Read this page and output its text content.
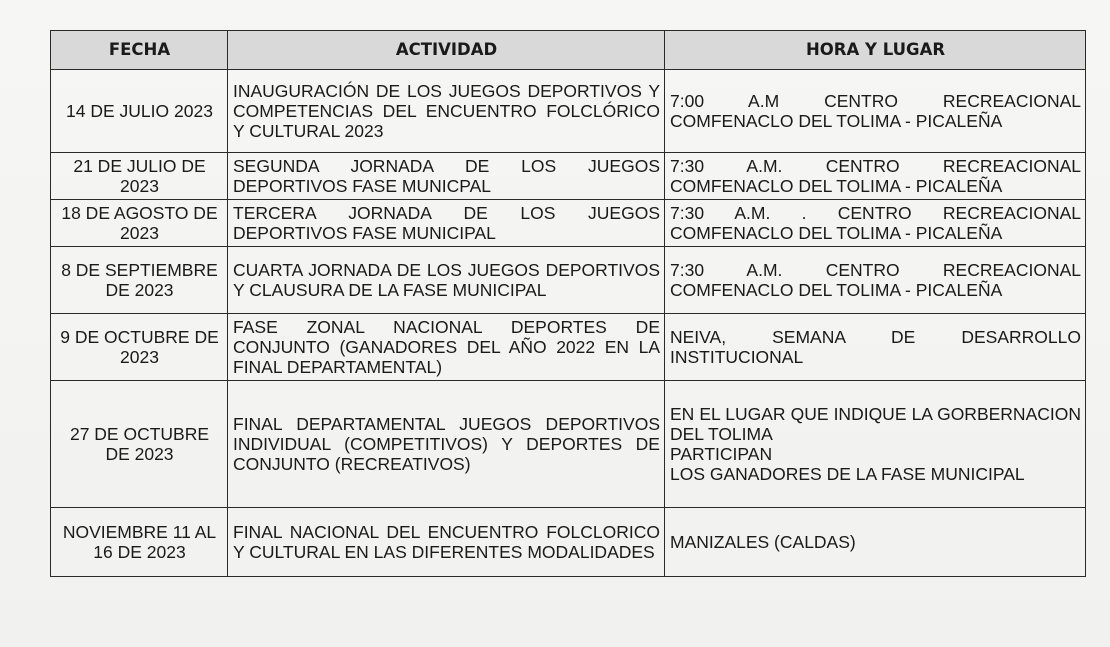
FECHA	ACTIVIDAD	HORA Y LUGAR
14 DE JULIO 2023	INAUGURACIÓN DE LOS JUEGOS DEPORTIVOS Y COMPETENCIAS DEL ENCUENTRO FOLCLÓRICO Y CULTURAL 2023	7:00 A.M CENTRO RECREACIONAL COMFENACLO DEL TOLIMA - PICALEÑA
21 DE JULIO DE 2023	SEGUNDA JORNADA DE LOS JUEGOS DEPORTIVOS FASE MUNICPAL	7:30 A.M. CENTRO RECREACIONAL COMFENACLO DEL TOLIMA - PICALEÑA
18 DE AGOSTO DE 2023	TERCERA JORNADA DE LOS JUEGOS DEPORTIVOS FASE MUNICIPAL	7:30 A.M. . CENTRO RECREACIONAL COMFENACLO DEL TOLIMA - PICALEÑA
8 DE SEPTIEMBRE DE 2023	CUARTA JORNADA DE LOS JUEGOS DEPORTIVOS Y CLAUSURA DE LA FASE MUNICIPAL	7:30 A.M. CENTRO RECREACIONAL COMFENACLO DEL TOLIMA - PICALEÑA
9 DE OCTUBRE DE 2023	FASE ZONAL NACIONAL DEPORTES DE CONJUNTO (GANADORES DEL AÑO 2022 EN LA FINAL DEPARTAMENTAL)	NEIVA, SEMANA DE DESARROLLO INSTITUCIONAL
27 DE OCTUBRE DE 2023	FINAL DEPARTAMENTAL JUEGOS DEPORTIVOS INDIVIDUAL (COMPETITIVOS) Y DEPORTES DE CONJUNTO (RECREATIVOS)	EN EL LUGAR QUE INDIQUE LA GORBERNACION DEL TOLIMA
PARTICIPAN
LOS GANADORES DE LA FASE MUNICIPAL

NOVIEMBRE 11 AL 16 DE 2023	FINAL NACIONAL DEL ENCUENTRO FOLCLORICO Y CULTURAL EN LAS DIFERENTES MODALIDADES	MANIZALES (CALDAS)
